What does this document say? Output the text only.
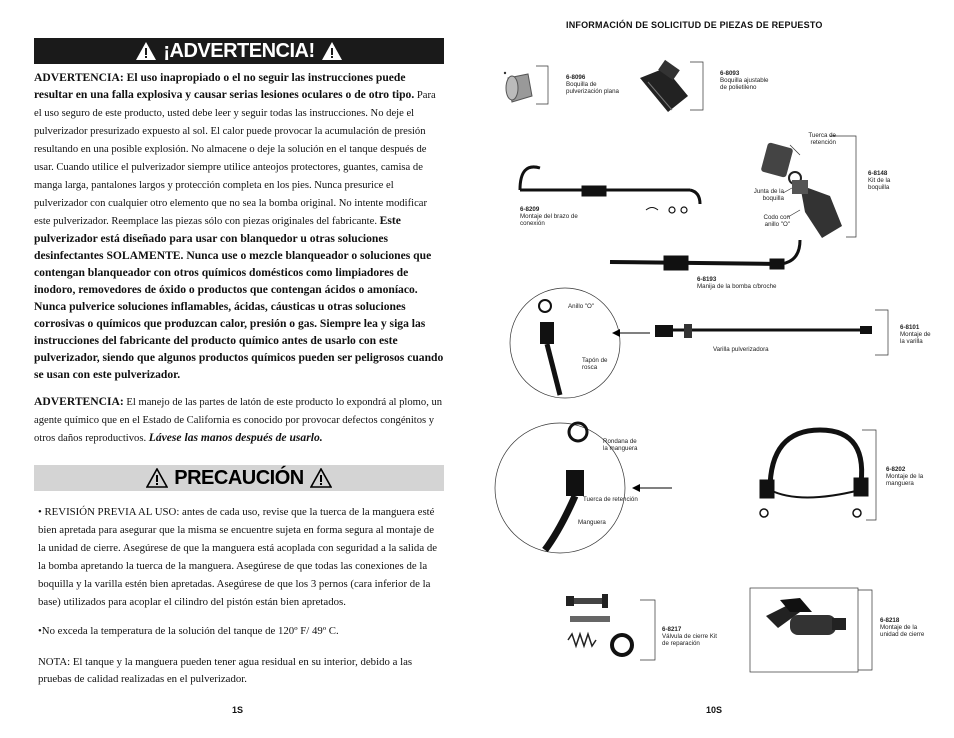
¡ADVERTENCIA!
ADVERTENCIA: El uso inapropiado o el no seguir las instrucciones puede resultar en una falla explosiva y causar serias lesiones oculares o de otro tipo. Para el uso seguro de este producto, usted debe leer y seguir todas las instrucciones. No deje el pulverizador presurizado expuesto al sol. El calor puede provocar la acumulación de presión resultando en una posible explosión. No almacene o deje la solución en el tanque después de usar. Cuando utilice el pulverizador siempre utilice anteojos protectores, guantes, camisa de manga larga, pantalones largos y protección completa en los pies. Nunca presurice el pulverizador con cualquier otro elemento que no sea la bomba original. No intente modificar este pulverizador. Reemplace las piezas sólo con piezas originales del fabricante. Este pulverizador está diseñado para usar con blanquedor u otras soluciones desinfectantes SOLAMENTE. Nunca use o mezcle blanqueador o soluciones que contengan blanqueador con otros químicos domésticos como limpiadores de inodoro, removedores de óxido o productos que contengan ácidos o amoníaco. Nunca pulverice soluciones inflamables, ácidas, cáusticas u otras soluciones corrosivas o químicos que produzcan calor, presión o gas. Siempre lea y siga las instrucciones del fabricante del producto químico antes de usarlo con este pulverizador, siendo que algunos productos químicos pueden ser peligrosos cuando se usan con este pulverizador.
ADVERTENCIA: El manejo de las partes de latón de este producto lo expondrá al plomo, un agente químico que en el Estado de California es conocido por provocar defectos congénitos y otros daños reproductivos. Lávese las manos después de usarlo.
PRECAUCIÓN
• REVISIÓN PREVIA AL USO: antes de cada uso, revise que la tuerca de la manguera esté bien apretada para asegurar que la misma se encuentre sujeta en forma segura al montaje de la unidad de cierre. Asegúrese de que la manguera está acoplada con seguridad a la salida de la bomba apretando la tuerca de la manguera. Asegúrese de que todas las conexiones de la boquilla y la varilla estén bien apretadas. Asegúrese de que los 3 pernos (cara inferior de la base) utilizados para acoplar el cilindro del pistón están bien apretados.
•No exceda la temperatura de la solución del tanque de 120º F/ 49º C.
NOTA: El tanque y la manguera pueden tener agua residual en su interior, debido a las pruebas de calidad realizadas en el pulverizador.
1S
INFORMACIÓN DE SOLICITUD DE PIEZAS DE REPUESTO
6-8096
Boquilla de pulverización plana
6-8093
Boquilla ajustable de polietileno
Tuerca de retención
6-8148
Kit de la boquilla
Junta de la boquilla
Codo con anillo "O"
6-8209
Montaje del brazo de conexión
6-8193
Manija de la bomba c/broche
Anillo "O"
Tapón de rosca
Varilla pulverizadora
6-8101
Montaje de la varilla
Rondana de la manguera
Tuerca de retención
Manguera
6-8202
Montaje de la manguera
6-8217
Válvula de cierre Kit de reparación
6-8218
Montaje de la unidad de cierre
10S
